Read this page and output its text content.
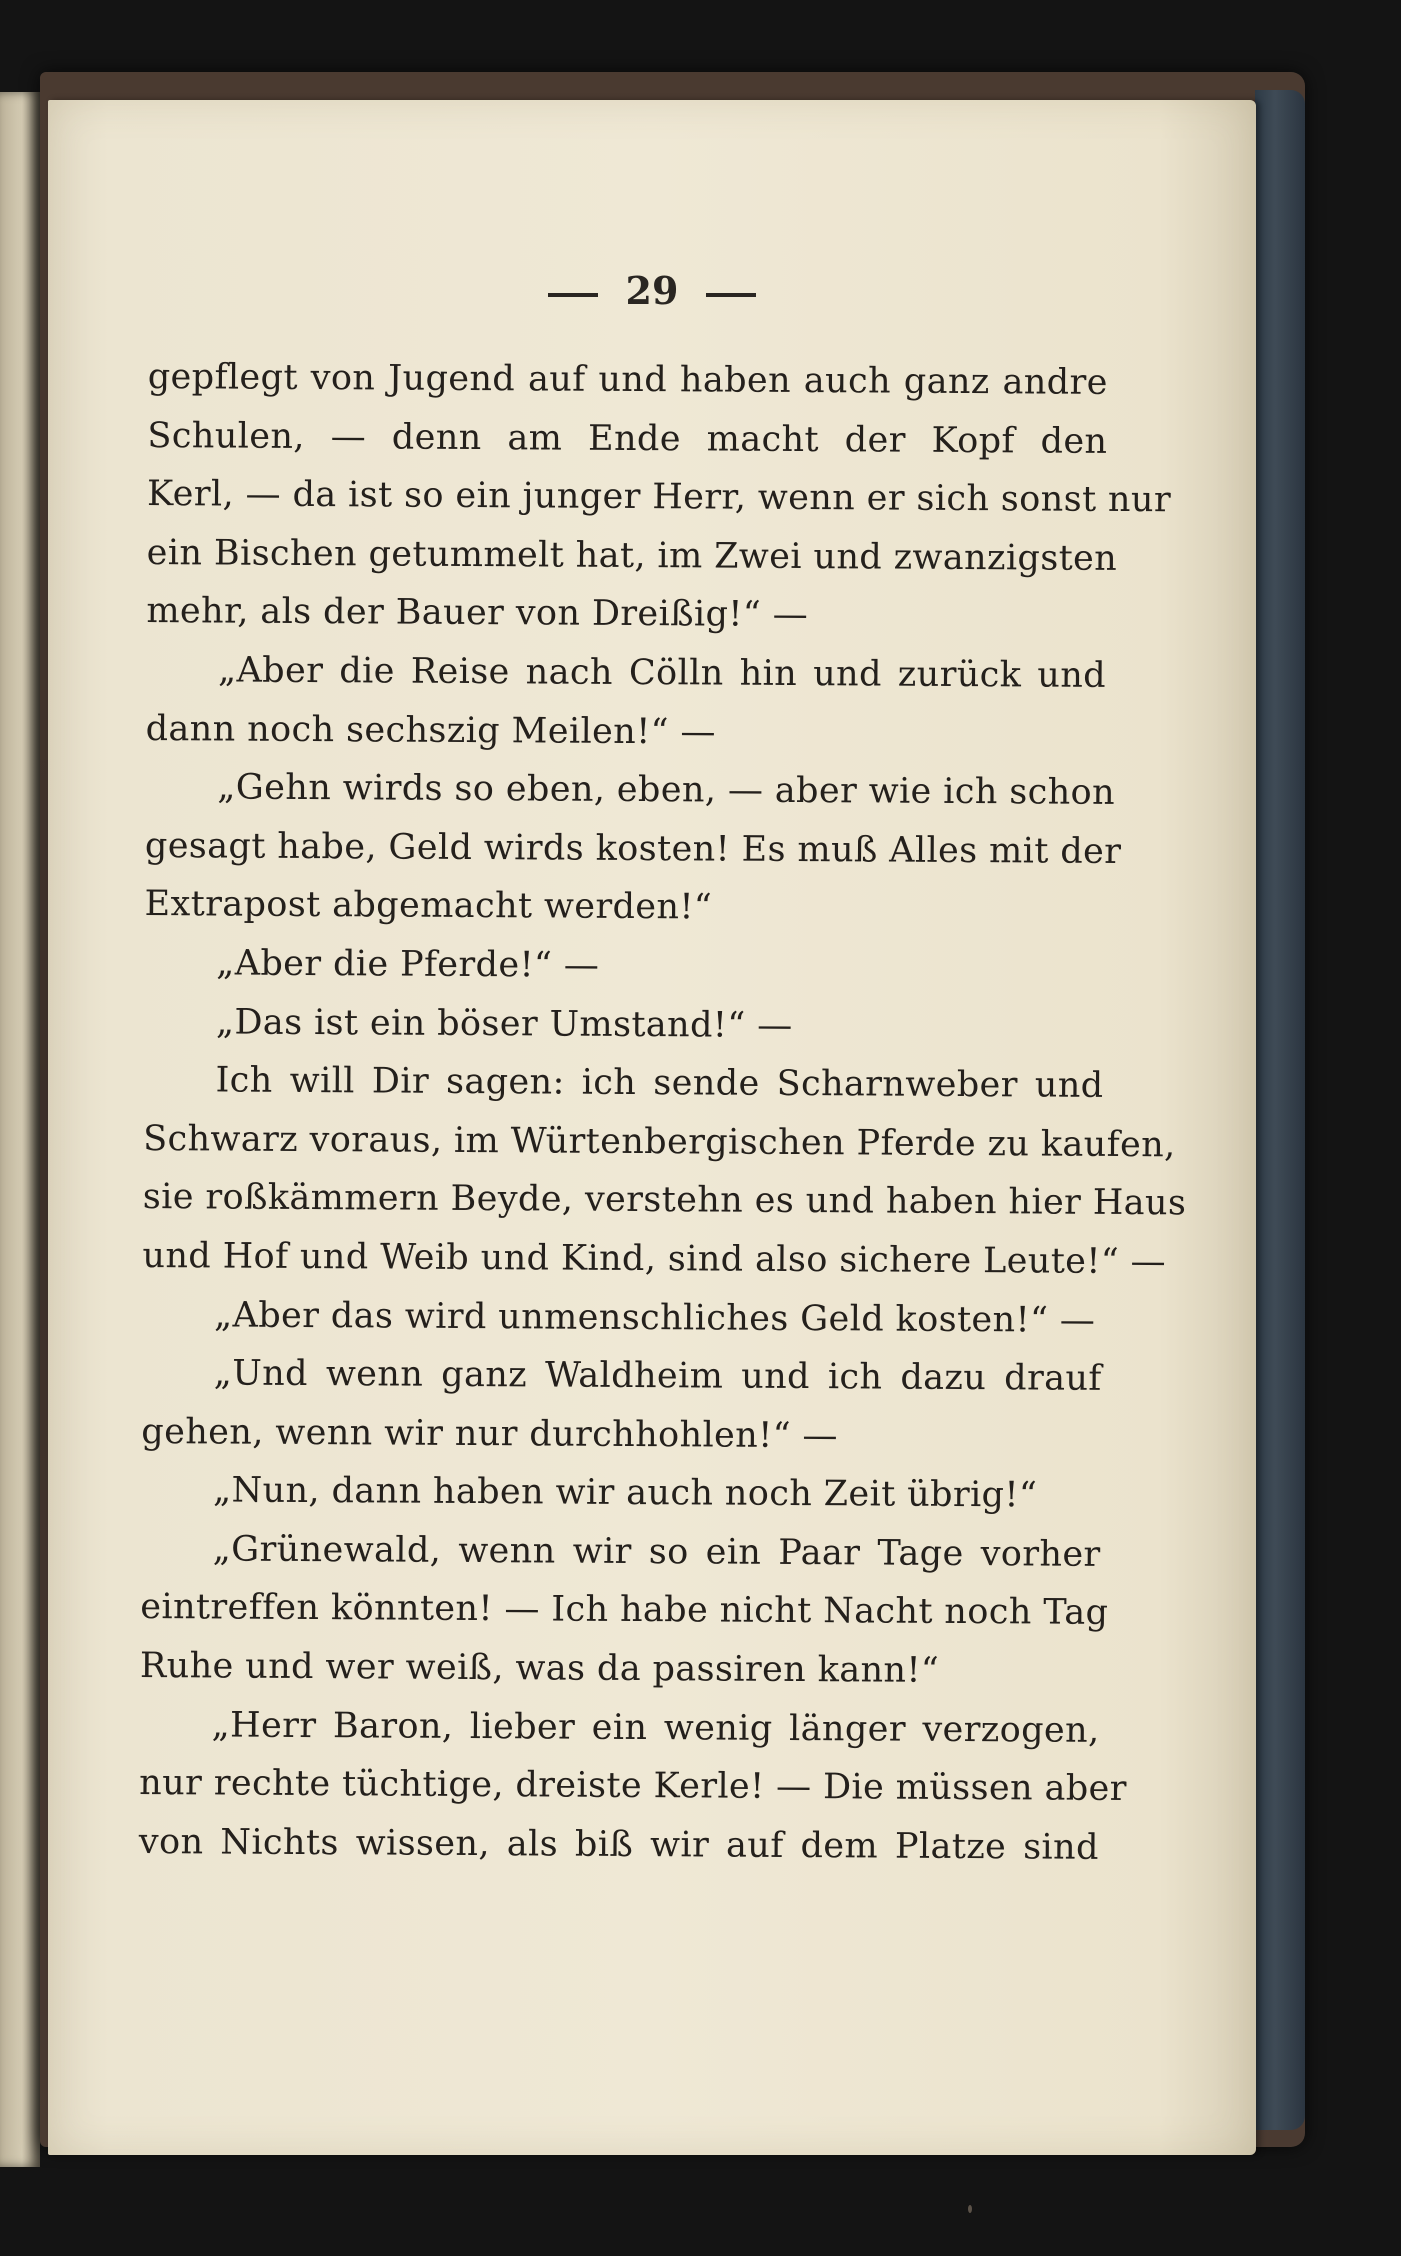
29
gepflegt von Jugend auf und haben auch ganz andre
Schulen, — denn am Ende macht der Kopf den
Kerl, — da ist so ein junger Herr, wenn er sich sonst nur
ein Bischen getummelt hat, im Zwei und zwanzigsten
mehr, als der Bauer von Dreißig!“ —
„Aber die Reise nach Cölln hin und zurück und
dann noch sechszig Meilen!“ —
„Gehn wirds so eben, eben, — aber wie ich schon
gesagt habe, Geld wirds kosten! Es muß Alles mit der
Extrapost abgemacht werden!“
„Aber die Pferde!“ —
„Das ist ein böser Umstand!“ —
Ich will Dir sagen: ich sende Scharnweber und
Schwarz voraus, im Würtenbergischen Pferde zu kaufen,
sie roßkämmern Beyde, verstehn es und haben hier Haus
und Hof und Weib und Kind, sind also sichere Leute!“ —
„Aber das wird unmenschliches Geld kosten!“ —
„Und wenn ganz Waldheim und ich dazu drauf
gehen, wenn wir nur durchhohlen!“ —
„Nun, dann haben wir auch noch Zeit übrig!“
„Grünewald, wenn wir so ein Paar Tage vorher
eintreffen könnten! — Ich habe nicht Nacht noch Tag
Ruhe und wer weiß, was da passiren kann!“
„Herr Baron, lieber ein wenig länger verzogen,
nur rechte tüchtige, dreiste Kerle! — Die müssen aber
von Nichts wissen, als biß wir auf dem Platze sind
